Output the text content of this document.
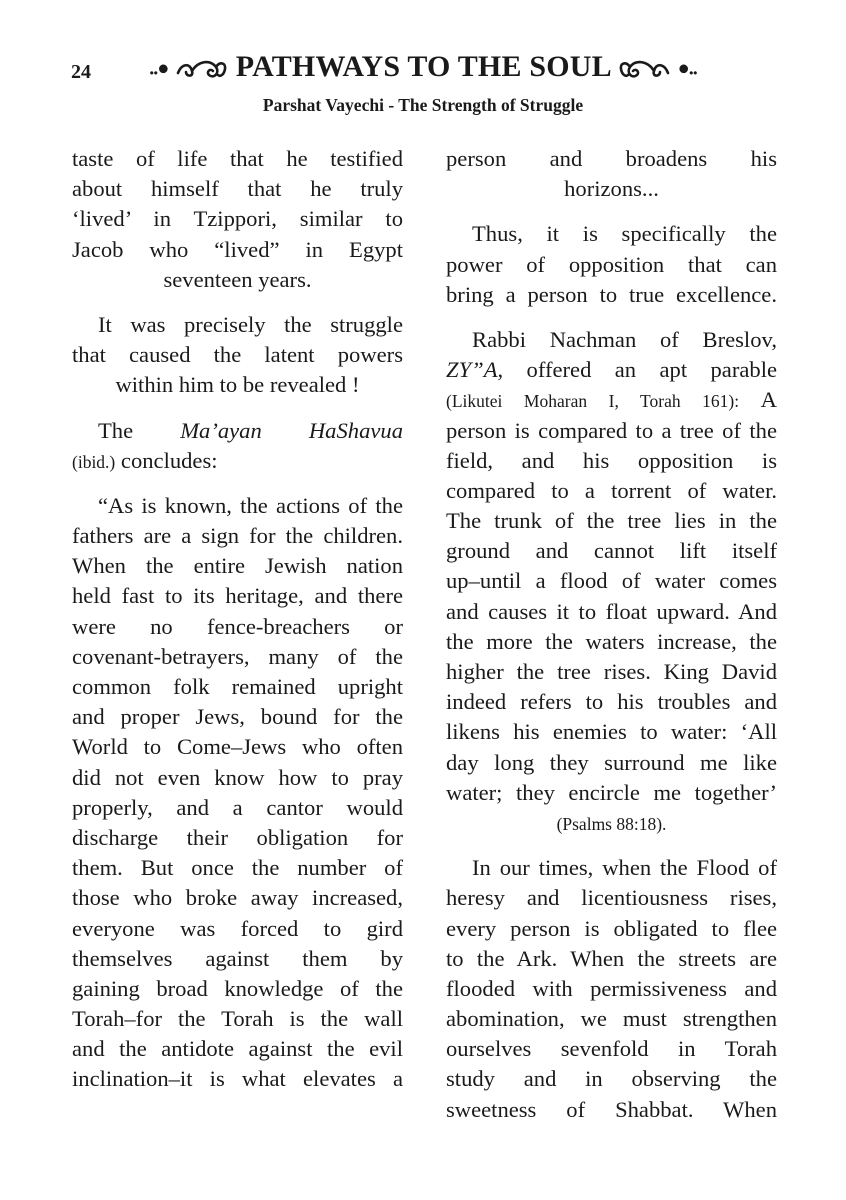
24	..● PATHWAYS TO THE SOUL	●..
Parshat Vayechi - The Strength of Struggle
taste of life that he testified
about himself that he truly
‘lived’ in Tzippori, similar to
Jacob who “lived” in Egypt
seventeen years.
It was precisely the struggle
that caused the latent powers
within him to be revealed !
The Ma’ayan HaShavua
(ibid.) concludes:
“As is known, the actions of the
fathers are a sign for the children.
When the entire Jewish nation
held fast to its heritage, and there
were no fence-breachers or
covenant-betrayers, many of the
common folk remained upright
and proper Jews, bound for the
World to Come–Jews who often
did not even know how to pray
properly, and a cantor would
discharge their obligation for
them. But once the number of
those who broke away increased,
everyone was forced to gird
themselves against them by
gaining broad knowledge of the
Torah–for the Torah is the wall
and the antidote against the evil
inclination–it is what elevates a
person and broadens his
horizons...
Thus, it is specifically the
power of opposition that can
bring a person to true excellence.
Rabbi Nachman of Breslov,
ZY”A, offered an apt parable
(Likutei Moharan I, Torah 161): A
person is compared to a tree of the
field, and his opposition is
compared to a torrent of water.
The trunk of the tree lies in the
ground and cannot lift itself
up–until a flood of water comes
and causes it to float upward. And
the more the waters increase, the
higher the tree rises. King David
indeed refers to his troubles and
likens his enemies to water: ‘All
day long they surround me like
water; they encircle me together’
(Psalms 88:18).
In our times, when the Flood of
heresy and licentiousness rises,
every person is obligated to flee
to the Ark. When the streets are
flooded with permissiveness and
abomination, we must strengthen
ourselves sevenfold in Torah
study and in observing the
sweetness of Shabbat. When
